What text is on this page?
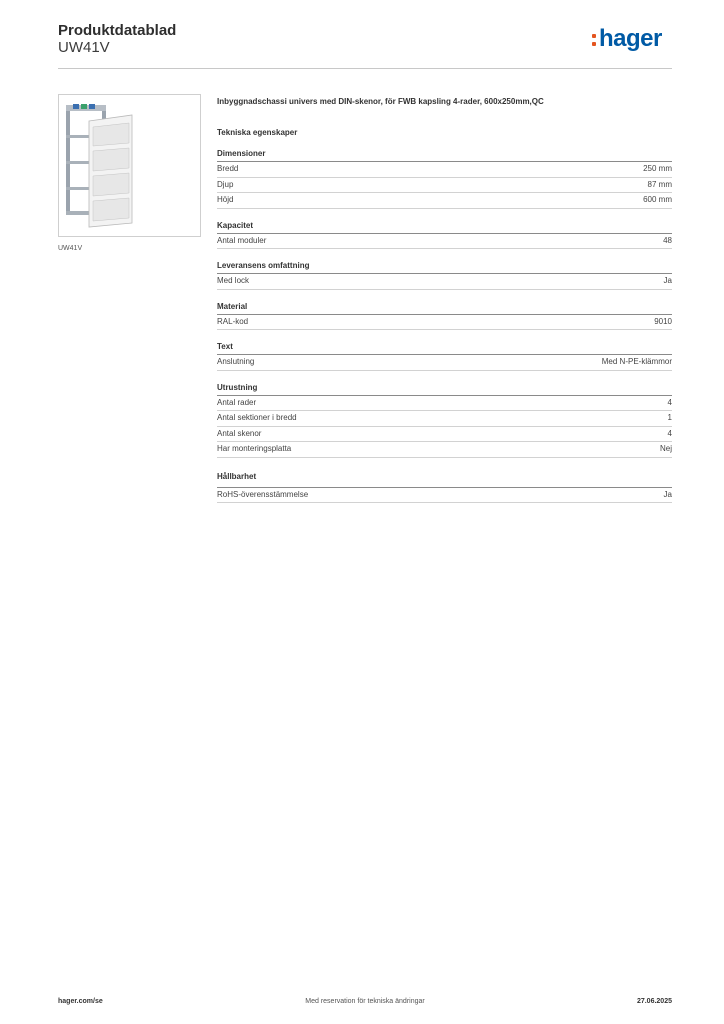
Produktdatablad
UW41V	hager
UW41V
Inbyggnadschassi univers med DIN-skenor, för FWB kapsling 4-rader, 600x250mm,QC
Tekniska egenskaper
Dimensioner
Bredd	250 mm
Djup	87 mm
Höjd	600 mm
Kapacitet
Antal moduler	48
Leveransens omfattning
Med lock	Ja
Material
RAL-kod	9010
Text
Anslutning	Med N-PE-klämmor
Utrustning
Antal rader	4
Antal sektioner i bredd	1
Antal skenor	4
Har monteringsplatta	Nej
Hållbarhet
RoHS-överensstämmelse	Ja
hager.com/se	Med reservation för tekniska ändringar	27.06.2025
